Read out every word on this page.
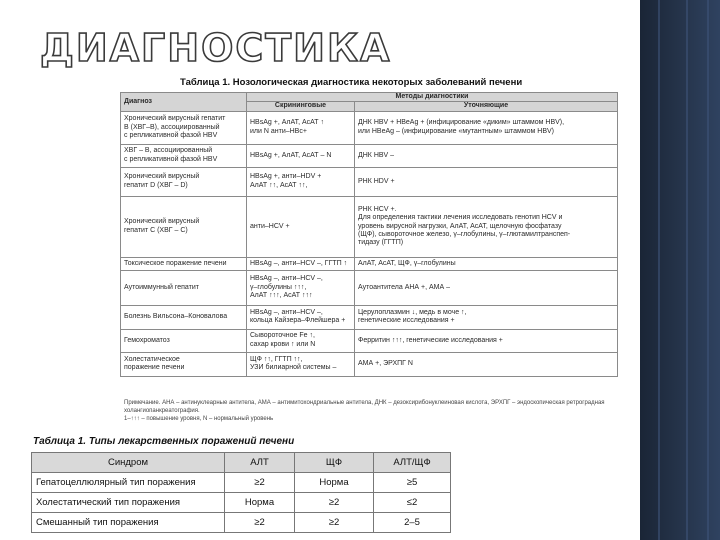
ДИАГНОСТИКА
Таблица 1. Нозологическая диагностика некоторых заболеваний печени
Диагноз	Методы диагностики	
	Скрининговые	Уточняющие
Хронический вирусный гепатит
В (ХВГ–В), ассоциированный
с репликативной фазой HBV	HBsAg +, АлАТ, АсАТ ↑
или N анти–HBc+	ДНК HBV + HBeAg + (инфицирование «диким» штаммом HBV),
или HBeAg – (инфицирование «мутантным» штаммом HBV)
ХВГ – В, ассоциированный
с репликативной фазой HBV	HBsAg +, АлАТ, АсАТ – N	ДНК HBV –
Хронический вирусный
гепатит D (ХВГ – D)	HBsAg +, анти–HDV +
АлАТ ↑↑, АсАТ ↑↑,	РНК HDV +
Хронический вирусный
гепатит С (ХВГ – С)	анти–HCV +	РНК HCV +.
Для определения тактики лечения исследовать генотип HCV и
уровень вирусной нагрузки, АлАТ, АсАТ, щелочную фосфатазу
(ЩФ), сывороточное железо, γ–глобулины, γ–глютамилтранспеп-
тидазу (ГГТП)
Токсическое поражение печени	HBsAg –, анти–HCV –, ГГТП ↑	АлАТ, АсАТ, ЩФ, γ–глобулины
Аутоиммунный гепатит	HBsAg –, анти–HCV –,
γ–глобулины ↑↑↑,
АлАТ ↑↑↑, АсАТ ↑↑↑	Аутоантитела АНА +, АМА –
Болезнь Вильсона–Коновалова	HBsAg –, анти–HCV –,
кольца Кайзера–Флейшера +	Церулоплазмин ↓, медь в моче ↑,
генетические исследования +
Гемохроматоз	Сывороточное Fe ↑,
сахар крови ↑ или N	Ферритин ↑↑↑, генетические исследования +
Холестатическое
поражение печени	ЩФ ↑↑, ГГТП ↑↑,
УЗИ билиарной системы –	АМА +, ЭРХПГ N
Примечание. АНА – антинуклеарные антитела, АМА – антимитохондриальные антитела, ДНК – дезоксирибонуклеиновая кислота, ЭРХПГ – эндоскопическая ретроградная холангиопанкреатография.
1–↑↑↑ – повышение уровня, N – нормальный уровень
Таблица 1. Типы лекарственных поражений печени
Синдром	АЛТ	ЩФ	АЛТ/ЩФ
Гепатоцеллюлярный тип поражения	≥2	Норма	≥5
Холестатический тип поражения	Норма	≥2	≤2
Смешанный тип поражения	≥2	≥2	2–5
